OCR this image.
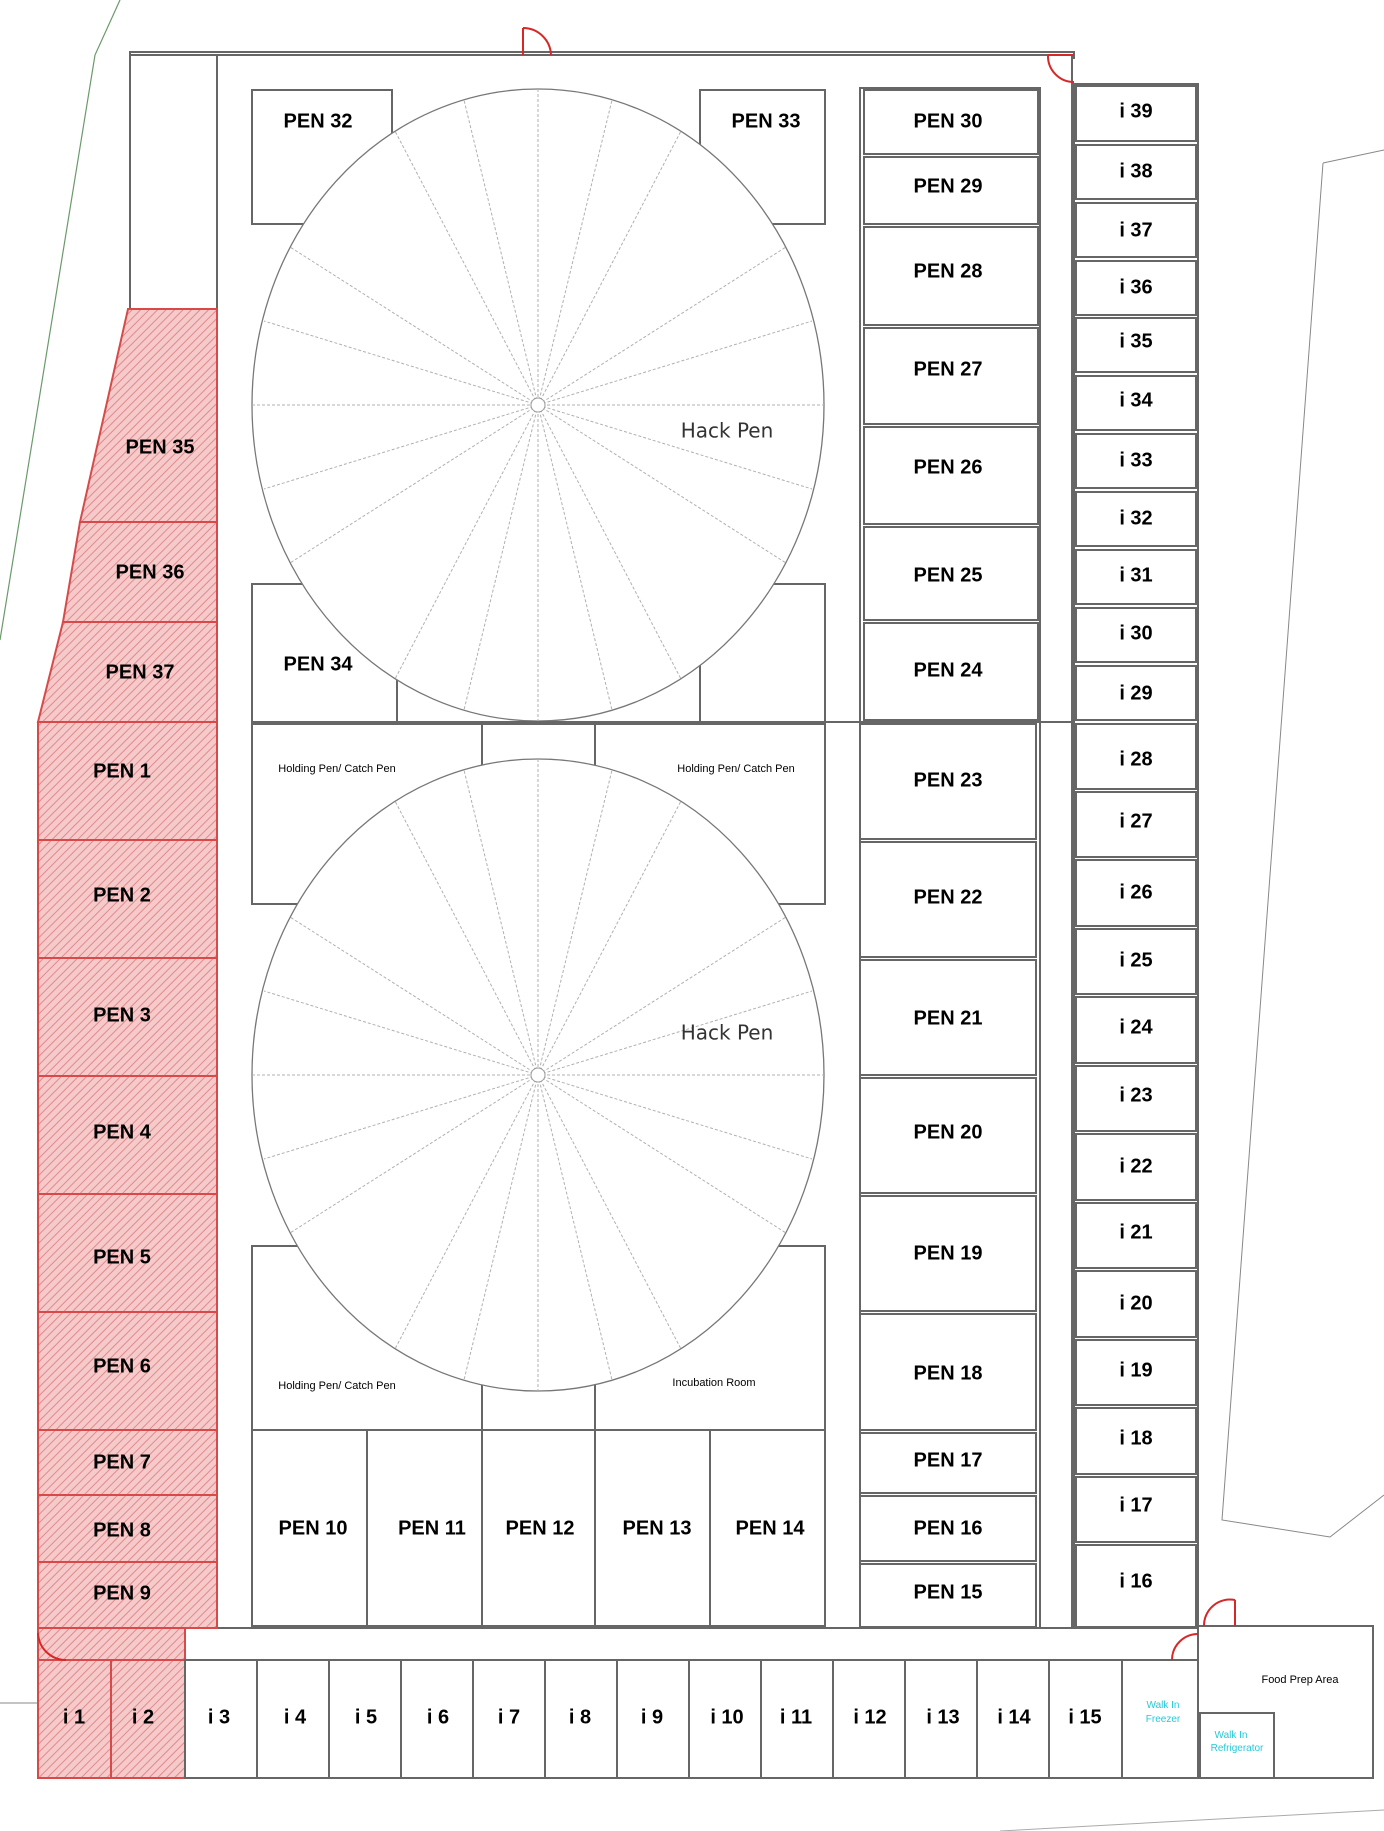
PEN 35
PEN 36
PEN 37
PEN 1
PEN 2
PEN 3
PEN 4
PEN 5
PEN 6
PEN 7
PEN 8
PEN 9
PEN 32	PEN 33
PEN 34
Hack Pen
Hack Pen
Holding Pen/ Catch Pen	Holding Pen/ Catch Pen
Holding Pen/ Catch Pen	Incubation Room
PEN 10	PEN 11 PEN 12 PEN 13 PEN 14
PEN 30
PEN 29
PEN 28
PEN 27
PEN 26
PEN 25
PEN 24
PEN 23
PEN 22
PEN 21
PEN 20
PEN 19
PEN 18
PEN 17
PEN 16
PEN 15
i 39
i 38
i 37
i 36
i 35
i 34
i 33
i 32
i 31
i 30
i 29
i 28
i 27
i 26
i 25
i 24
i 23
i 22
i 21
i 20
i 19
i 18
i 17
i 16
i 1 i 2	i 3	i 4 i 5 i 6 i 7 i 8 i 9 i 10 i 11 i 12 i 13 i 14 i 15
Walk In
Freezer
Walk In
Refrigerator
Food Prep Area
